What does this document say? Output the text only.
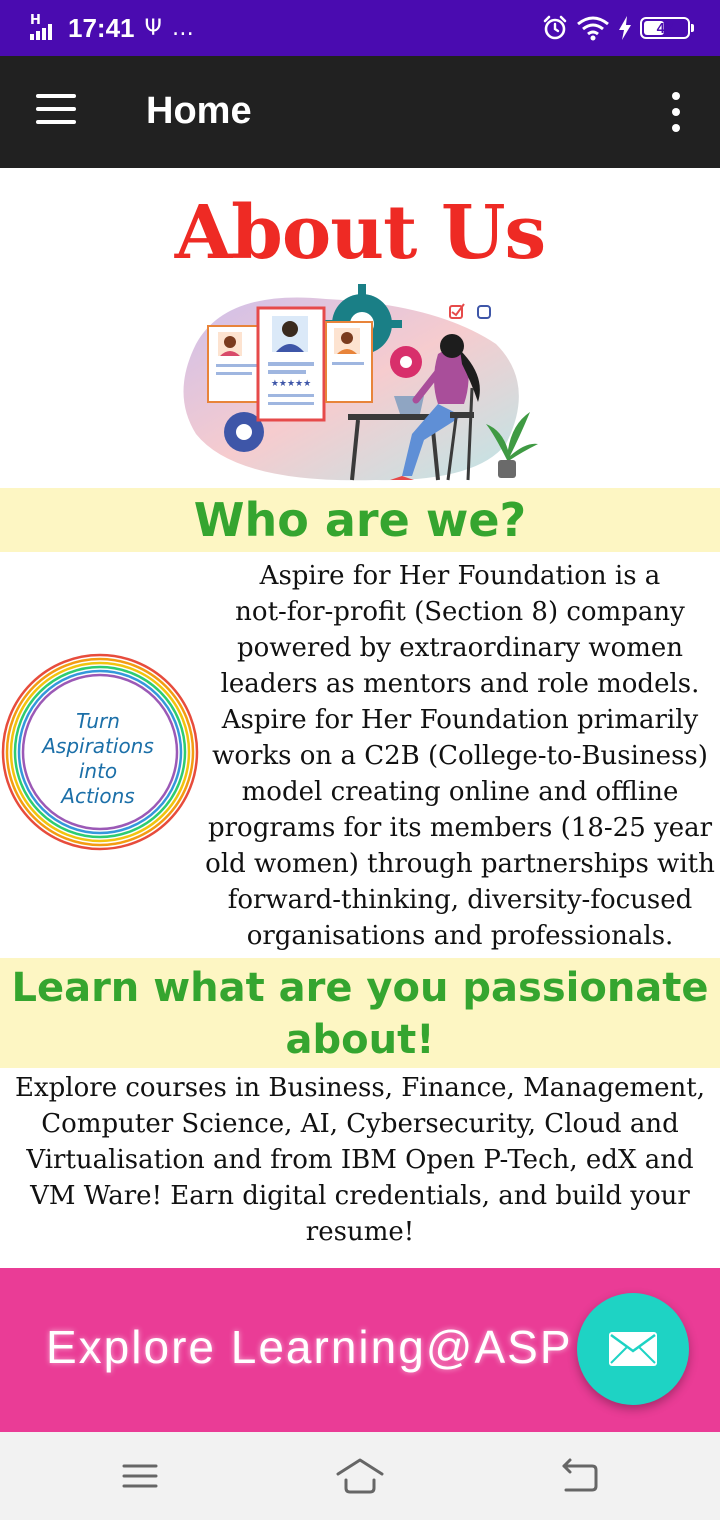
H 17:41 Ψ …	47
Home
About Us
★★★★★
Who are we?
Turn
Aspirations
into
Actions
Aspire for Her Foundation is a
not-for-profit (Section 8) company
powered by extraordinary women
leaders as mentors and role models.
Aspire for Her Foundation primarily
works on a C2B (College-to-Business)
model creating online and offline
programs for its members (18-25 year
old women) through partnerships with
forward-thinking, diversity-focused
organisations and professionals.
Learn what are you passionate
about!
Explore courses in Business, Finance, Management,
Computer Science, AI, Cybersecurity, Cloud and
Virtualisation and from IBM Open P-Tech, edX and
VM Ware! Earn digital credentials, and build your
resume!
Explore Learning@ASP
